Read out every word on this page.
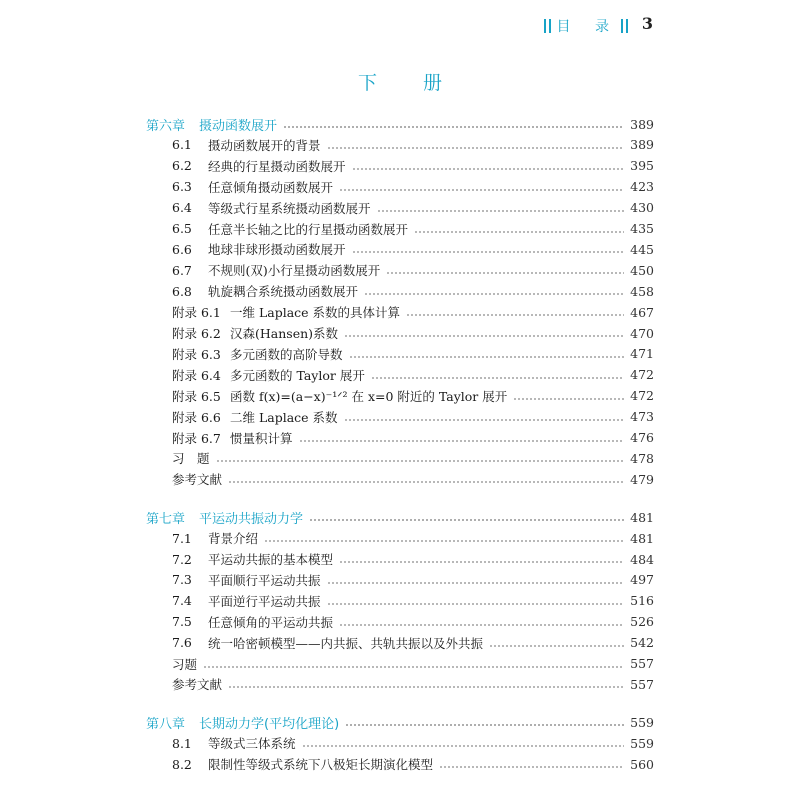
目 录 3
下 册
第六章 摄动函数展开	389
6.1	摄动函数展开的背景	389
6.2	经典的行星摄动函数展开	395
6.3	任意倾角摄动函数展开	423
6.4	等级式行星系统摄动函数展开	430
6.5	任意半长轴之比的行星摄动函数展开	435
6.6	地球非球形摄动函数展开	445
6.7	不规则(双)小行星摄动函数展开	450
6.8	轨旋耦合系统摄动函数展开	458
附录 6.1 一维 Laplace 系数的具体计算	467
附录 6.2 汉森(Hansen)系数	470
附录 6.3 多元函数的高阶导数	471
附录 6.4 多元函数的 Taylor 展开	472
附录 6.5 函数 f(x)=(a−x)⁻¹ᐟ² 在 x=0 附近的 Taylor 展开	472
附录 6.6 二维 Laplace 系数	473
附录 6.7 惯量积计算	476
习　题	478
参考文献	479
第七章 平运动共振动力学	481
7.1	背景介绍	481
7.2	平运动共振的基本模型	484
7.3	平面顺行平运动共振	497
7.4	平面逆行平运动共振	516
7.5	任意倾角的平运动共振	526
7.6	统一哈密顿模型——内共振、共轨共振以及外共振	542
习题	557
参考文献	557
第八章 长期动力学(平均化理论)	559
8.1	等级式三体系统	559
8.2	限制性等级式系统下八极矩长期演化模型	560
